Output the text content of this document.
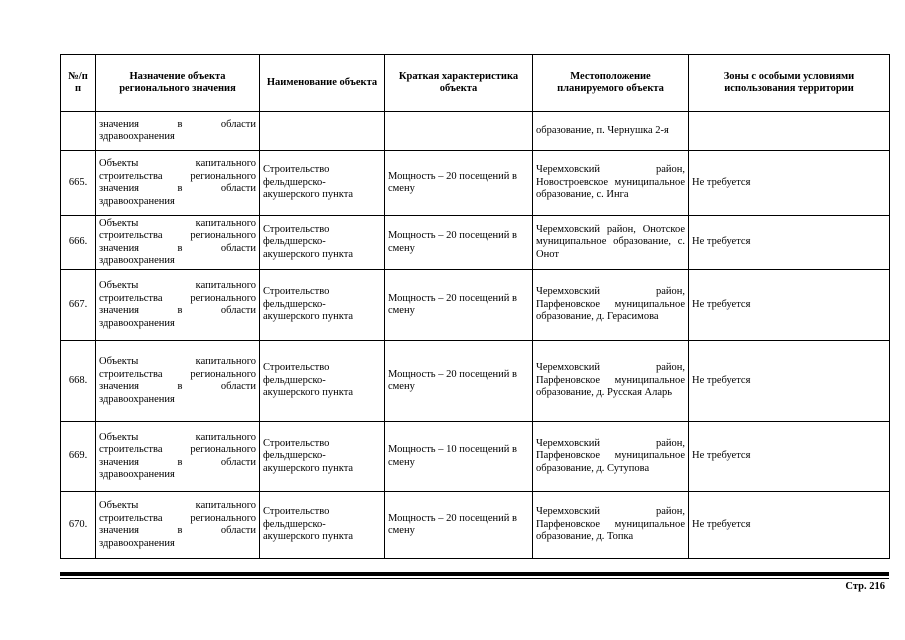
№/п п	Назначение объекта регионального значения	Наименование объекта	Краткая характеристика объекта	Местоположение планируемого объекта	Зоны с особыми условиями использования территории
	значения в области здравоохранения			образование, п. Чернушка 2-я	
665.	Объекты капитального строительства регионального значения в области здравоохранения	Строительство фельдшерско-акушерского пункта	Мощность – 20 посещений в смену	Черемховский район, Новостроевское муниципальное образование, с. Инга	Не требуется
666.	Объекты капитального строительства регионального значения в области здравоохранения	Строительство фельдшерско-акушерского пункта	Мощность – 20 посещений в смену	Черемховский район, Онотское муниципальное образование, с. Онот	Не требуется
667.	Объекты капитального строительства регионального значения в области здравоохранения	Строительство фельдшерско-акушерского пункта	Мощность – 20 посещений в смену	Черемховский район, Парфеновское муниципальное образование, д. Герасимова	Не требуется
668.	Объекты капитального строительства регионального значения в области здравоохранения	Строительство фельдшерско-акушерского пункта	Мощность – 20 посещений в смену	Черемховский район, Парфеновское муниципальное образование, д. Русская Аларь	Не требуется
669.	Объекты капитального строительства регионального значения в области здравоохранения	Строительство фельдшерско-акушерского пункта	Мощность – 10 посещений в смену	Черемховский район, Парфеновское муниципальное образование, д. Сутупова	Не требуется
670.	Объекты капитального строительства регионального значения в области здравоохранения	Строительство фельдшерско-акушерского пункта	Мощность – 20 посещений в смену	Черемховский район, Парфеновское муниципальное образование, д. Топка	Не требуется
Стр. 216
